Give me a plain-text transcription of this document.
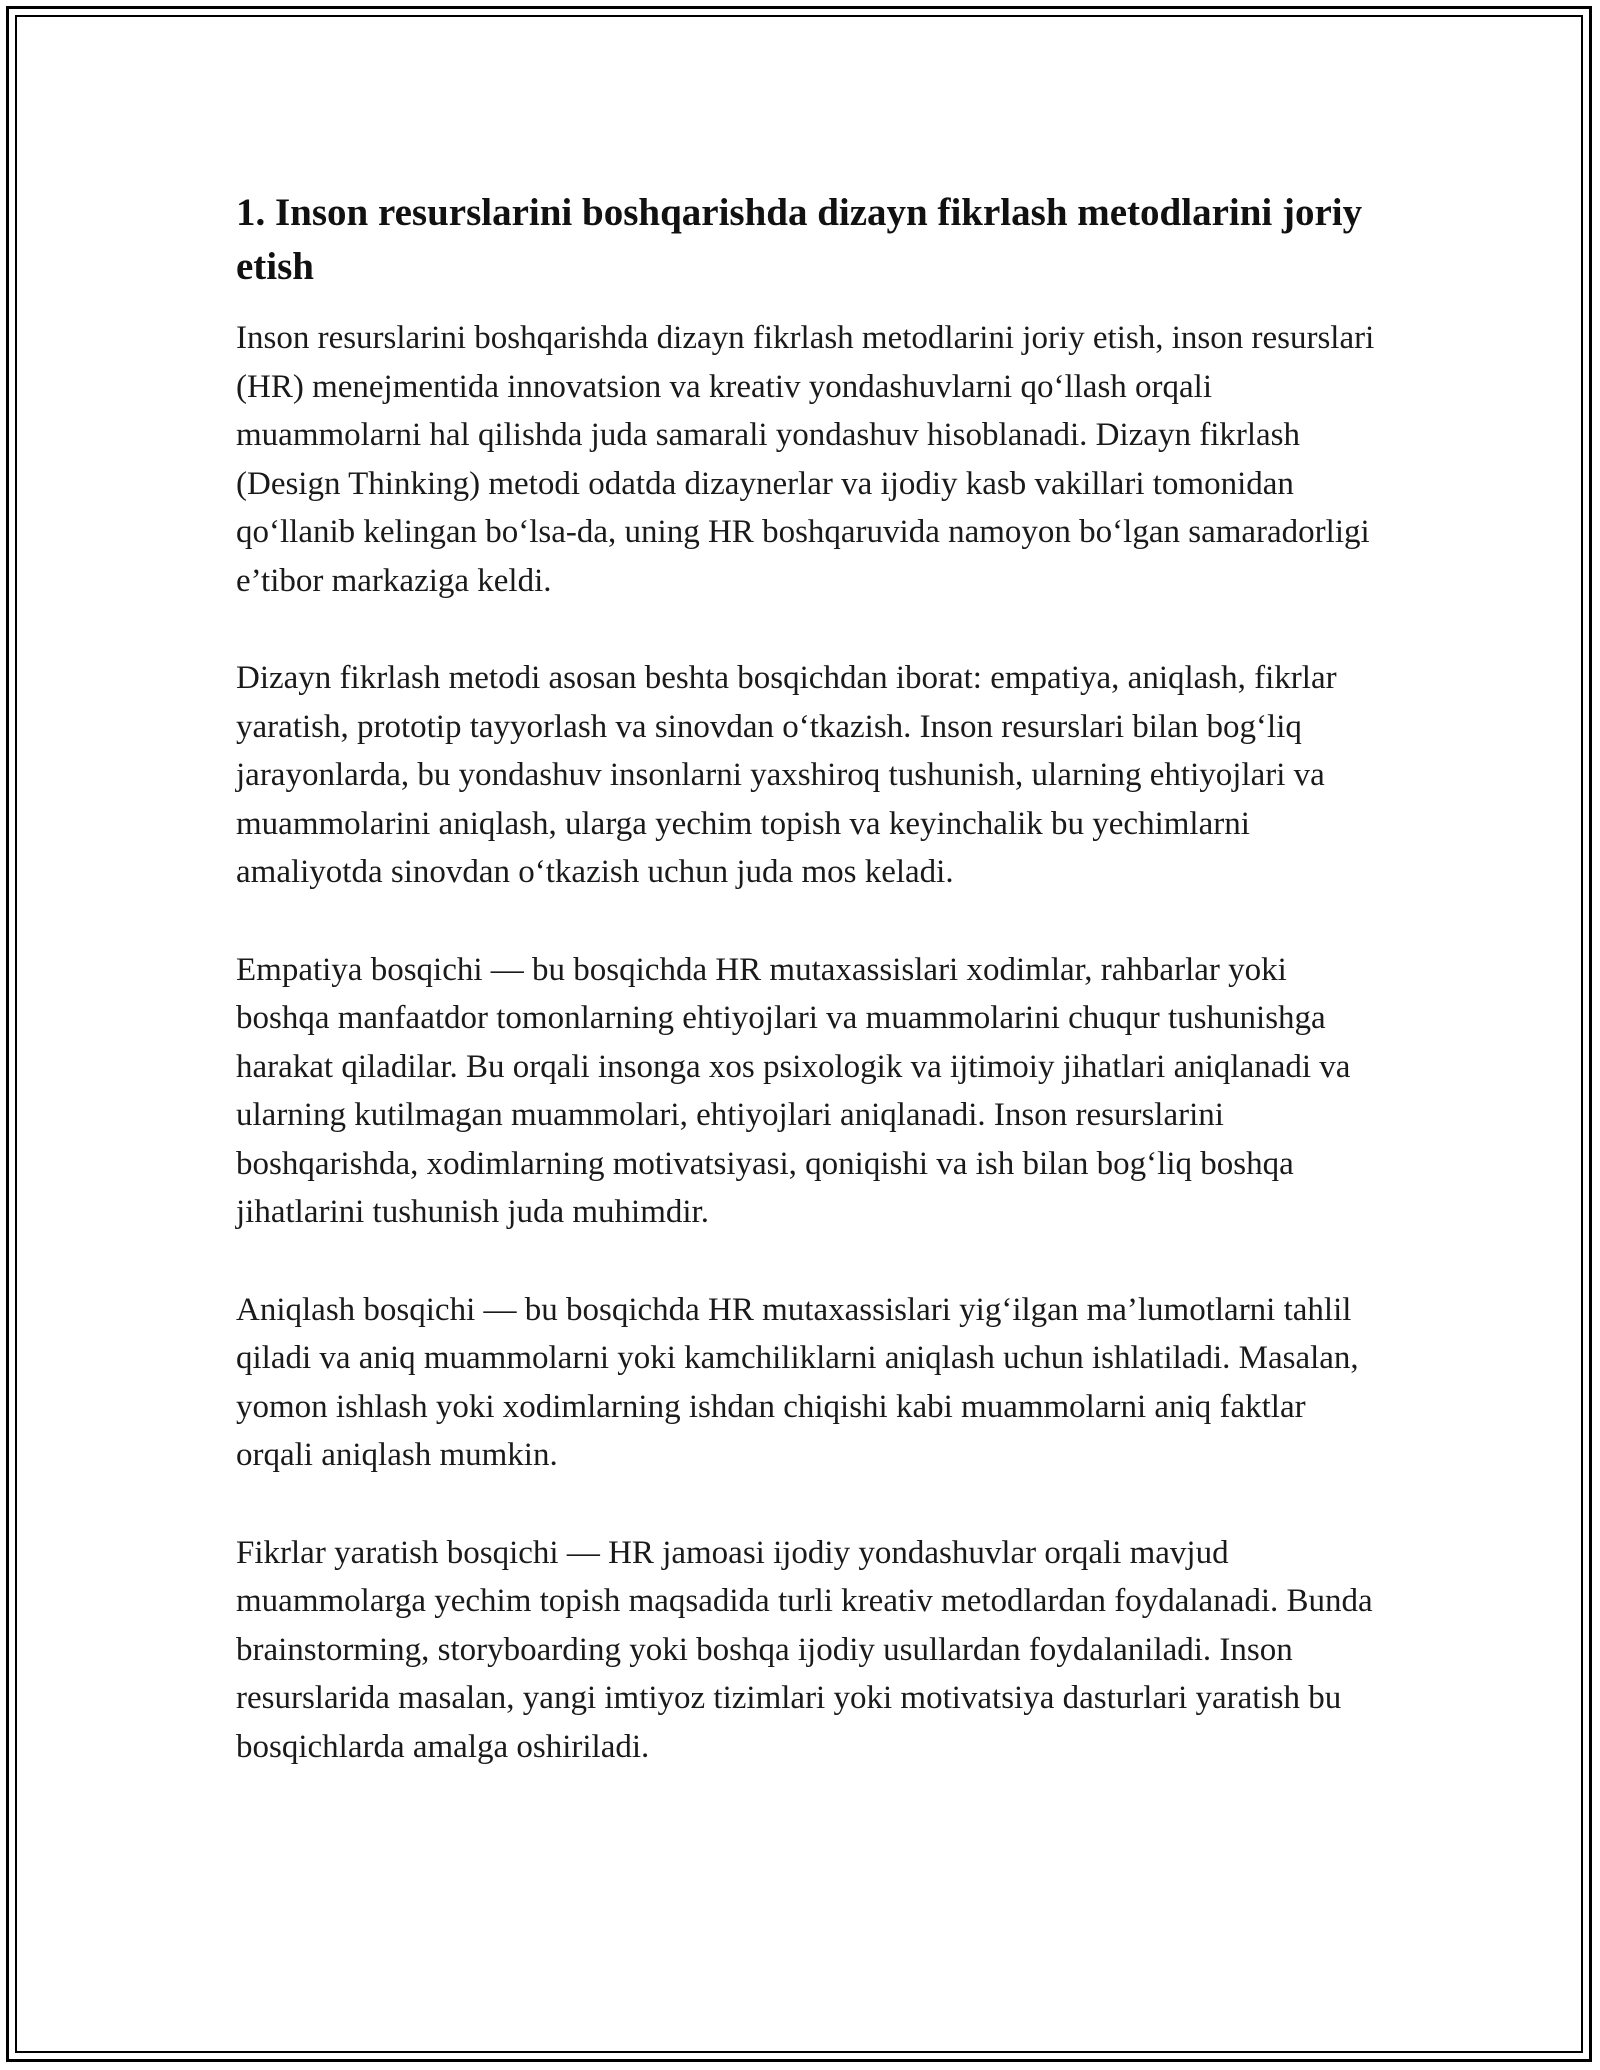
1. Inson resurslarini boshqarishda dizayn fikrlash metodlarini joriy etish

Inson resurslarini boshqarishda dizayn fikrlash metodlarini joriy etish, inson resurslari (HR) menejmentida innovatsion va kreativ yondashuvlarni qo‘llash orqali muammolarni hal qilishda juda samarali yondashuv hisoblanadi. Dizayn fikrlash (Design Thinking) metodi odatda dizaynerlar va ijodiy kasb vakillari tomonidan qo‘llanib kelingan bo‘lsa-da, uning HR boshqaruvida namoyon bo‘lgan samaradorligi e’tibor markaziga keldi.

Dizayn fikrlash metodi asosan beshta bosqichdan iborat: empatiya, aniqlash, fikrlar yaratish, prototip tayyorlash va sinovdan o‘tkazish. Inson resurslari bilan bog‘liq jarayonlarda, bu yondashuv insonlarni yaxshiroq tushunish, ularning ehtiyojlari va muammolarini aniqlash, ularga yechim topish va keyinchalik bu yechimlarni amaliyotda sinovdan o‘tkazish uchun juda mos keladi.

Empatiya bosqichi — bu bosqichda HR mutaxassislari xodimlar, rahbarlar yoki boshqa manfaatdor tomonlarning ehtiyojlari va muammolarini chuqur tushunishga harakat qiladilar. Bu orqali insonga xos psixologik va ijtimoiy jihatlari aniqlanadi va ularning kutilmagan muammolari, ehtiyojlari aniqlanadi. Inson resurslarini boshqarishda, xodimlarning motivatsiyasi, qoniqishi va ish bilan bog‘liq boshqa jihatlarini tushunish juda muhimdir.

Aniqlash bosqichi — bu bosqichda HR mutaxassislari yig‘ilgan ma’lumotlarni tahlil qiladi va aniq muammolarni yoki kamchiliklarni aniqlash uchun ishlatiladi. Masalan, yomon ishlash yoki xodimlarning ishdan chiqishi kabi muammolarni aniq faktlar orqali aniqlash mumkin.

Fikrlar yaratish bosqichi — HR jamoasi ijodiy yondashuvlar orqali mavjud muammolarga yechim topish maqsadida turli kreativ metodlardan foydalanadi. Bunda brainstorming, storyboarding yoki boshqa ijodiy usullardan foydalaniladi. Inson resurslarida masalan, yangi imtiyoz tizimlari yoki motivatsiya dasturlari yaratish bu bosqichlarda amalga oshiriladi.
